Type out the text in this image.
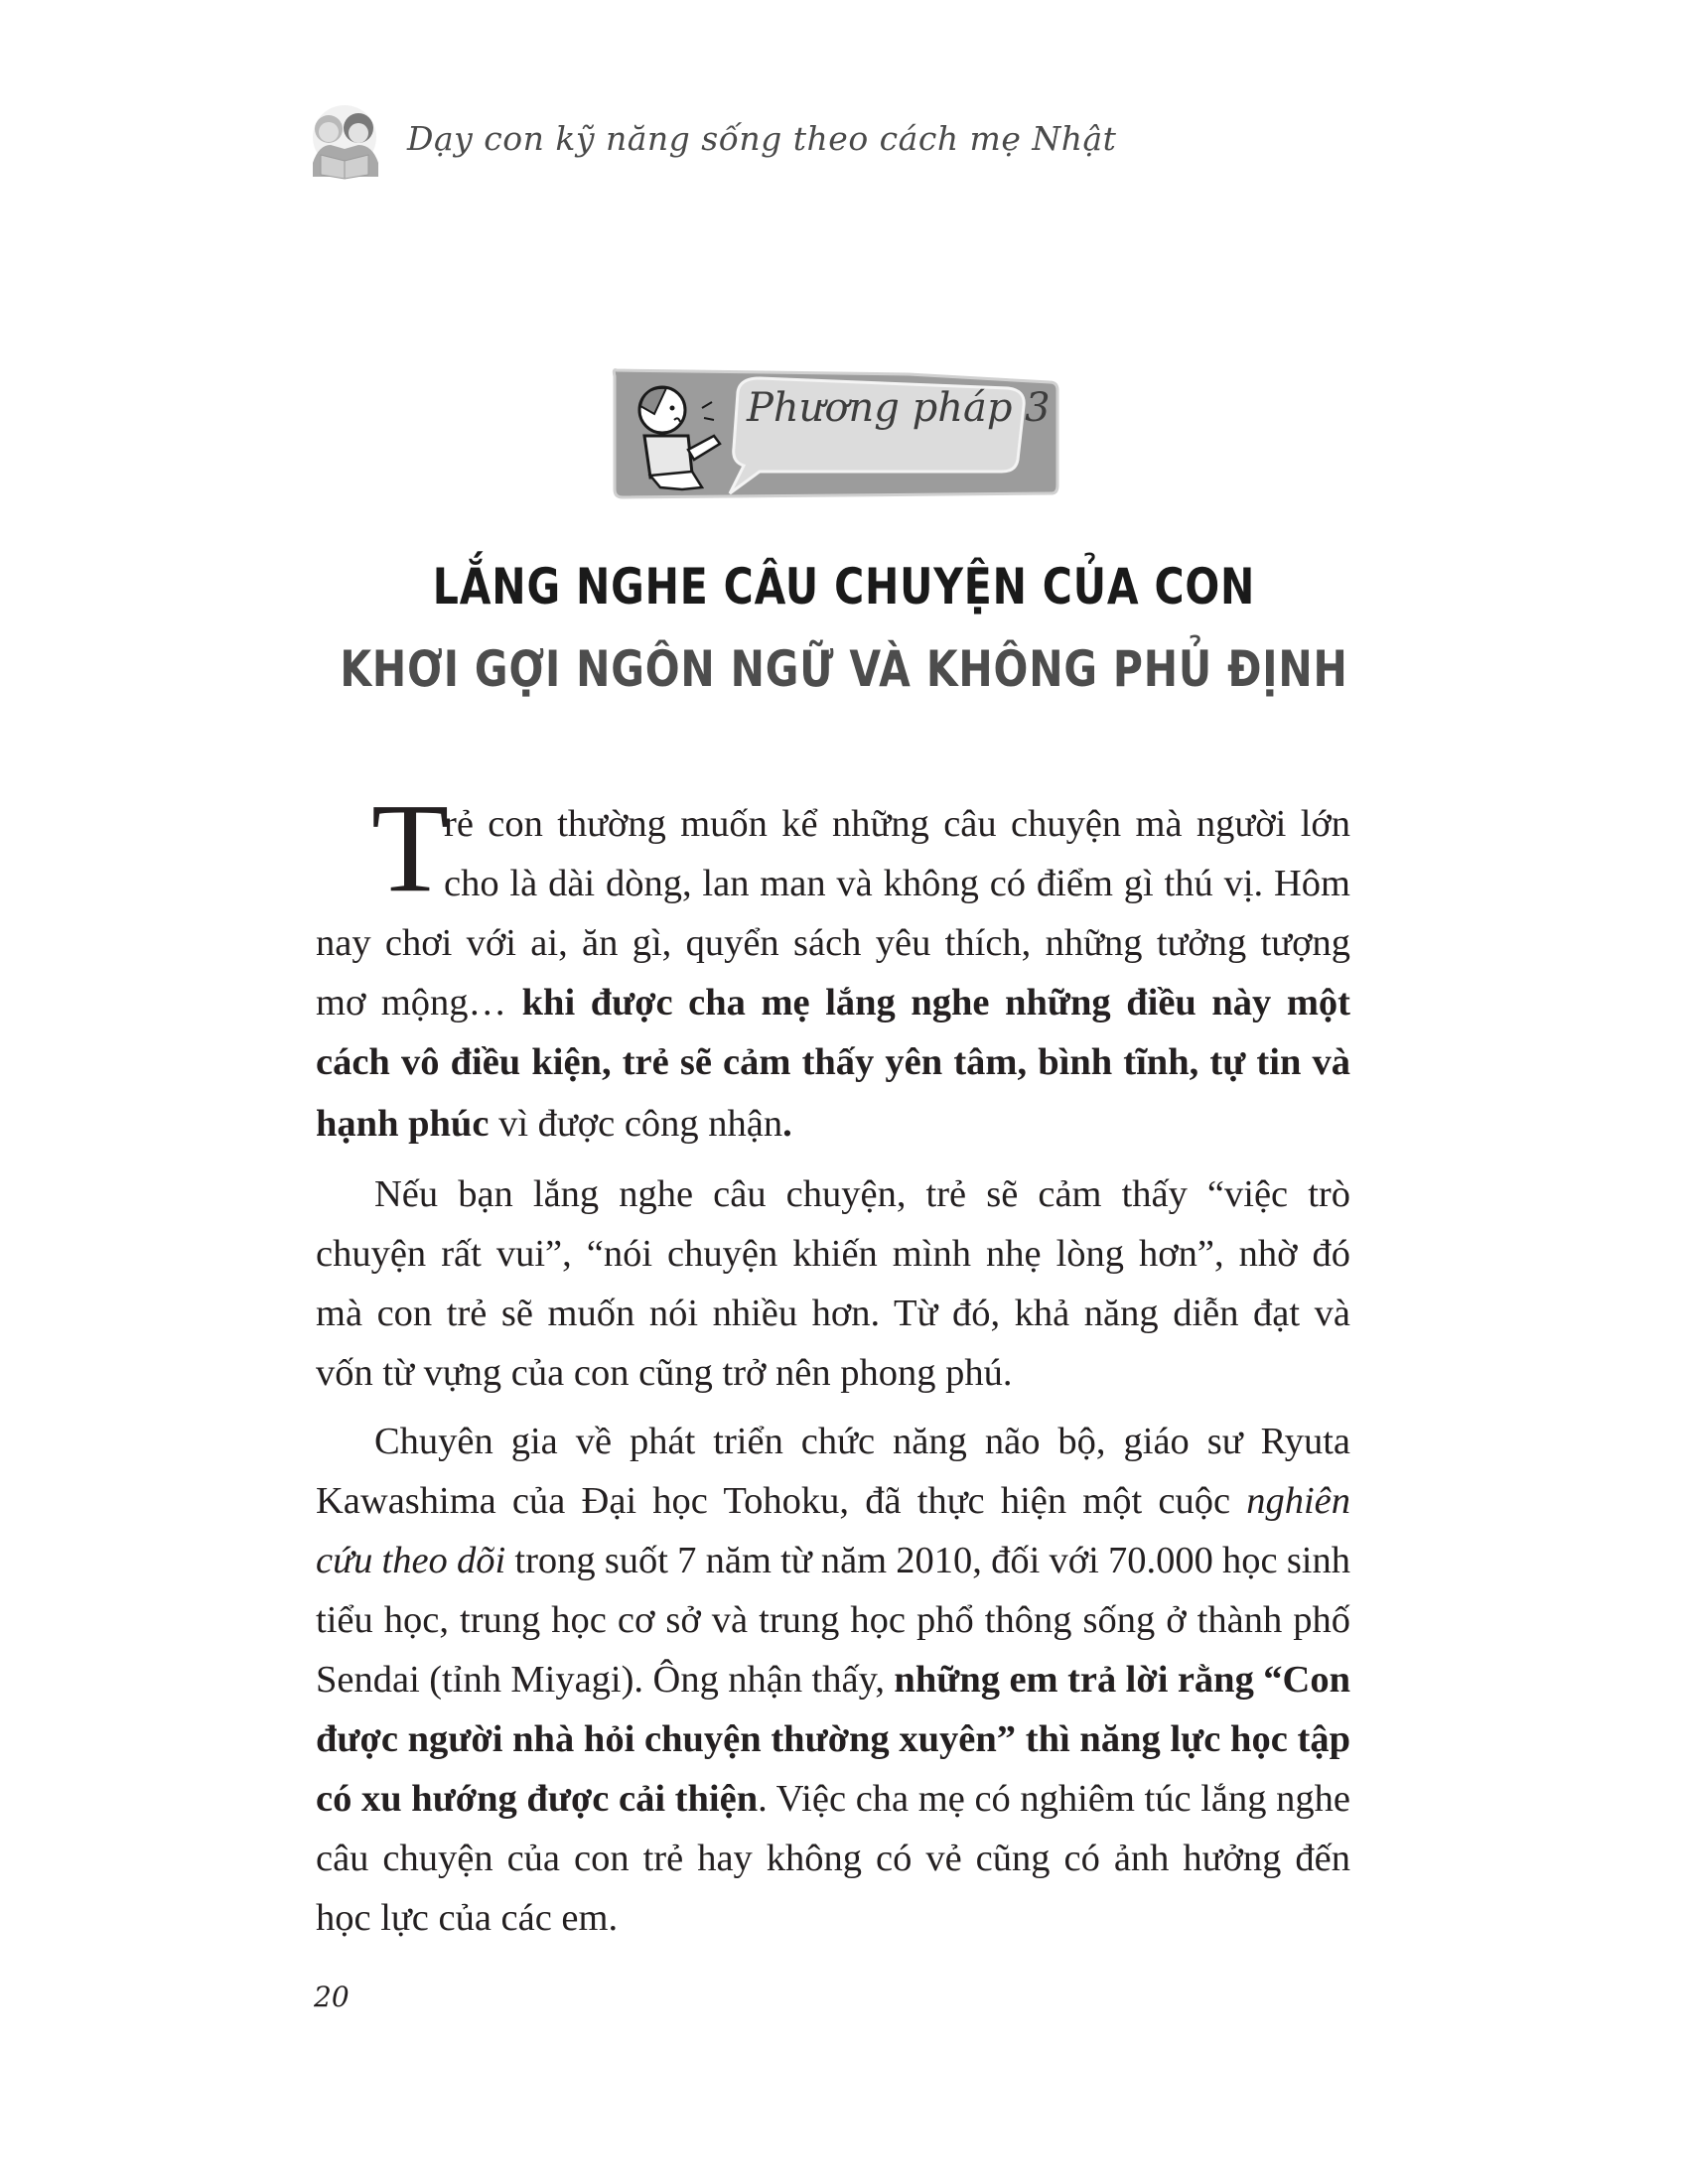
Dạy con kỹ năng sống theo cách mẹ Nhật
Phương pháp 3
LẮNG NGHE CÂU CHUYỆN CỦA CON
KHƠI GỢI NGÔN NGỮ VÀ KHÔNG PHỦ ĐỊNH
T
rẻ con thường muốn kể những câu chuyện mà người lớn
cho là dài dòng, lan man và không có điểm gì thú vị. Hôm
nay chơi với ai, ăn gì, quyển sách yêu thích, những tưởng tượng
mơ mộng… khi được cha mẹ lắng nghe những điều này một
cách vô điều kiện, trẻ sẽ cảm thấy yên tâm, bình tĩnh, tự tin và
hạnh phúc vì được công nhận.
Nếu bạn lắng nghe câu chuyện, trẻ sẽ cảm thấy “việc trò
chuyện rất vui”, “nói chuyện khiến mình nhẹ lòng hơn”, nhờ đó
mà con trẻ sẽ muốn nói nhiều hơn. Từ đó, khả năng diễn đạt và
vốn từ vựng của con cũng trở nên phong phú.
Chuyên gia về phát triển chức năng não bộ, giáo sư Ryuta
Kawashima của Đại học Tohoku, đã thực hiện một cuộc nghiên
cứu theo dõi trong suốt 7 năm từ năm 2010, đối với 70.000 học sinh
tiểu học, trung học cơ sở và trung học phổ thông sống ở thành phố
Sendai (tỉnh Miyagi). Ông nhận thấy, những em trả lời rằng “Con
được người nhà hỏi chuyện thường xuyên” thì năng lực học tập
có xu hướng được cải thiện. Việc cha mẹ có nghiêm túc lắng nghe
câu chuyện của con trẻ hay không có vẻ cũng có ảnh hưởng đến
học lực của các em.
20
